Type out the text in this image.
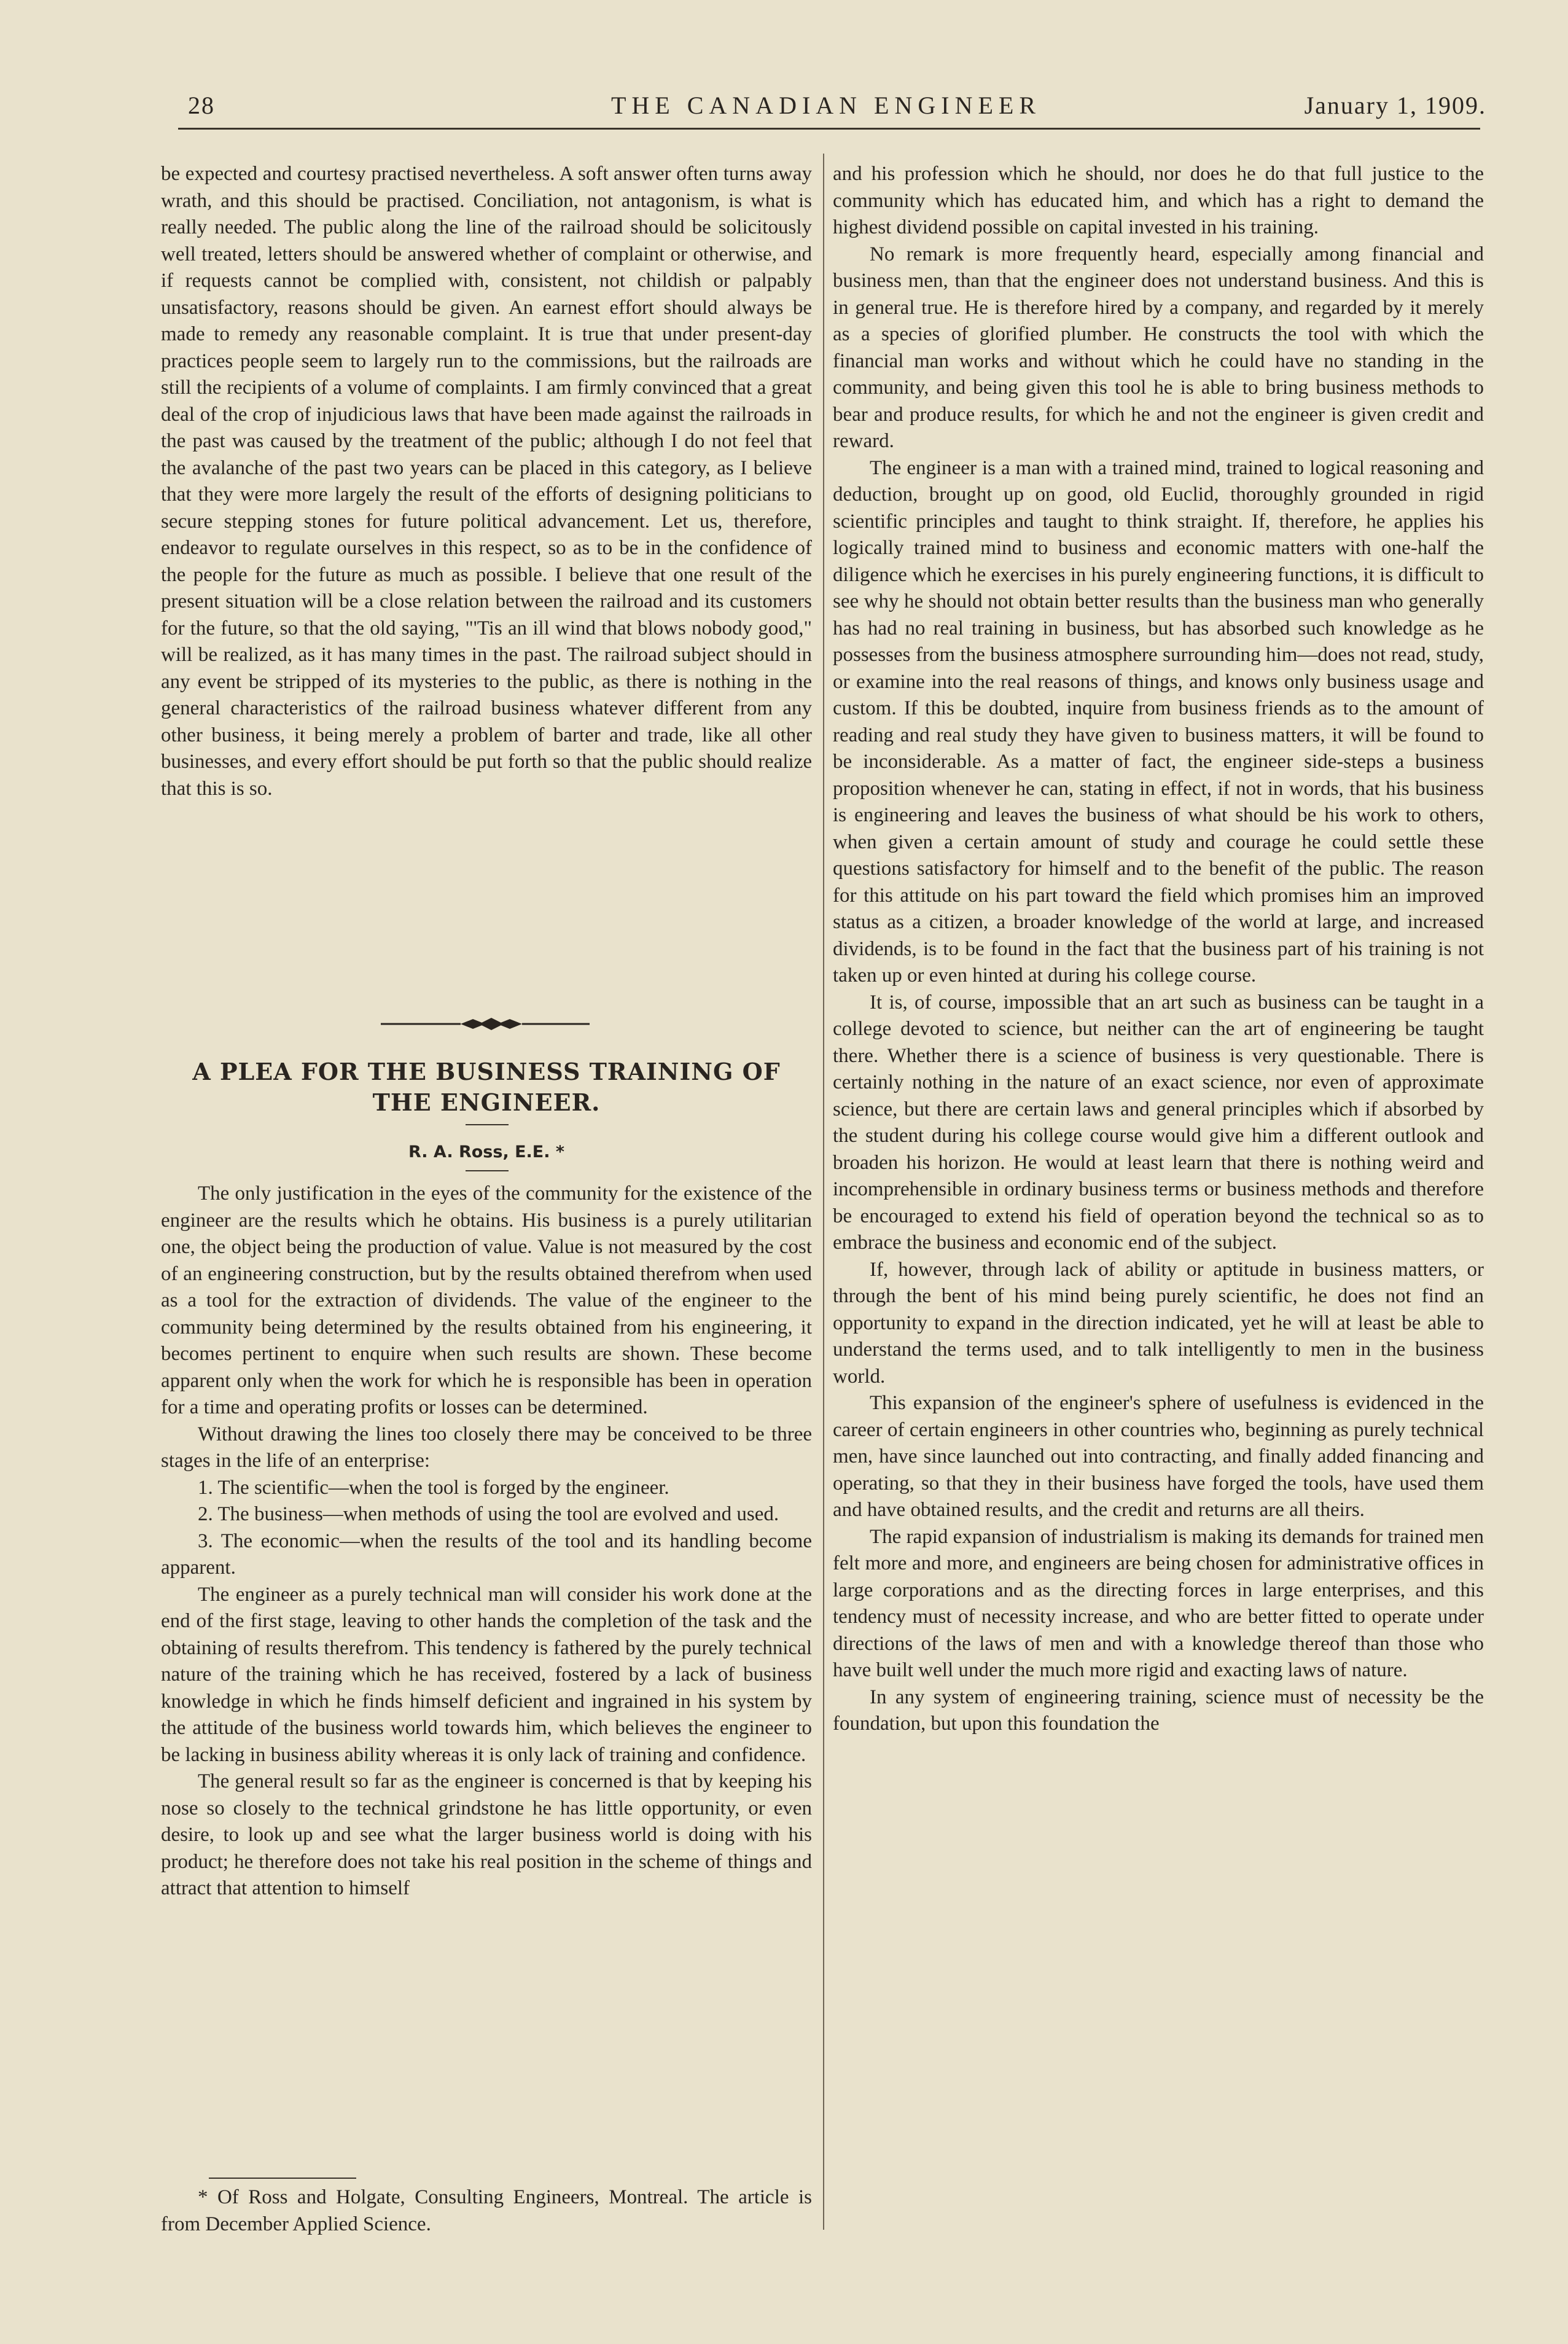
28	THE CANADIAN ENGINEER	January 1, 1909.

be expected and courtesy practised nevertheless. A soft answer often turns away wrath, and this should be practised. Conciliation, not antagonism, is what is really needed. The public along the line of the railroad should be solicitously well treated, letters should be answered whether of complaint or otherwise, and if requests cannot be complied with, consistent, not childish or palpably unsatisfactory, reasons should be given. An earnest effort should always be made to remedy any reasonable complaint. It is true that under present-day practices people seem to largely run to the commissions, but the railroads are still the recipients of a volume of complaints. I am firmly convinced that a great deal of the crop of injudicious laws that have been made against the railroads in the past was caused by the treatment of the public; although I do not feel that the avalanche of the past two years can be placed in this category, as I believe that they were more largely the result of the efforts of designing politicians to secure stepping stones for future political advancement. Let us, therefore, endeavor to regulate ourselves in this respect, so as to be in the confidence of the people for the future as much as possible. I believe that one result of the present situation will be a close relation between the railroad and its customers for the future, so that the old saying, "'Tis an ill wind that blows nobody good," will be realized, as it has many times in the past. The railroad subject should in any event be stripped of its mysteries to the public, as there is nothing in the general characteristics of the railroad business whatever different from any other business, it being merely a problem of barter and trade, like all other businesses, and every effort should be put forth so that the public should realize that this is so.

A PLEA FOR THE BUSINESS TRAINING OF THE ENGINEER.
R. A. Ross, E.E. *

The only justification in the eyes of the community for the existence of the engineer are the results which he obtains. His business is a purely utilitarian one, the object being the production of value. Value is not measured by the cost of an engineering construction, but by the results obtained therefrom when used as a tool for the extraction of dividends. The value of the engineer to the community being determined by the results obtained from his engineering, it becomes pertinent to enquire when such results are shown. These become apparent only when the work for which he is responsible has been in operation for a time and operating profits or losses can be determined.

Without drawing the lines too closely there may be conceived to be three stages in the life of an enterprise:

1. The scientific—when the tool is forged by the engineer.

2. The business—when methods of using the tool are evolved and used.

3. The economic—when the results of the tool and its handling become apparent.

The engineer as a purely technical man will consider his work done at the end of the first stage, leaving to other hands the completion of the task and the obtaining of results therefrom. This tendency is fathered by the purely technical nature of the training which he has received, fostered by a lack of business knowledge in which he finds himself deficient and ingrained in his system by the attitude of the business world towards him, which believes the engineer to be lacking in business ability whereas it is only lack of training and confidence.

The general result so far as the engineer is concerned is that by keeping his nose so closely to the technical grindstone he has little opportunity, or even desire, to look up and see what the larger business world is doing with his product; he therefore does not take his real position in the scheme of things and attract that attention to himself

* Of Ross and Holgate, Consulting Engineers, Montreal. The article is from December Applied Science.

and his profession which he should, nor does he do that full justice to the community which has educated him, and which has a right to demand the highest dividend possible on capital invested in his training.

No remark is more frequently heard, especially among financial and business men, than that the engineer does not understand business. And this is in general true. He is therefore hired by a company, and regarded by it merely as a species of glorified plumber. He constructs the tool with which the financial man works and without which he could have no standing in the community, and being given this tool he is able to bring business methods to bear and produce results, for which he and not the engineer is given credit and reward.

The engineer is a man with a trained mind, trained to logical reasoning and deduction, brought up on good, old Euclid, thoroughly grounded in rigid scientific principles and taught to think straight. If, therefore, he applies his logically trained mind to business and economic matters with one-half the diligence which he exercises in his purely engineering functions, it is difficult to see why he should not obtain better results than the business man who generally has had no real training in business, but has absorbed such knowledge as he possesses from the business atmosphere surrounding him—does not read, study, or examine into the real reasons of things, and knows only business usage and custom. If this be doubted, inquire from business friends as to the amount of reading and real study they have given to business matters, it will be found to be inconsiderable. As a matter of fact, the engineer side-steps a business proposition whenever he can, stating in effect, if not in words, that his business is engineering and leaves the business of what should be his work to others, when given a certain amount of study and courage he could settle these questions satisfactory for himself and to the benefit of the public. The reason for this attitude on his part toward the field which promises him an improved status as a citizen, a broader knowledge of the world at large, and increased dividends, is to be found in the fact that the business part of his training is not taken up or even hinted at during his college course.

It is, of course, impossible that an art such as business can be taught in a college devoted to science, but neither can the art of engineering be taught there. Whether there is a science of business is very questionable. There is certainly nothing in the nature of an exact science, nor even of approximate science, but there are certain laws and general principles which if absorbed by the student during his college course would give him a different outlook and broaden his horizon. He would at least learn that there is nothing weird and incomprehensible in ordinary business terms or business methods and therefore be encouraged to extend his field of operation beyond the technical so as to embrace the business and economic end of the subject.

If, however, through lack of ability or aptitude in business matters, or through the bent of his mind being purely scientific, he does not find an opportunity to expand in the direction indicated, yet he will at least be able to understand the terms used, and to talk intelligently to men in the business world.

This expansion of the engineer's sphere of usefulness is evidenced in the career of certain engineers in other countries who, beginning as purely technical men, have since launched out into contracting, and finally added financing and operating, so that they in their business have forged the tools, have used them and have obtained results, and the credit and returns are all theirs.

The rapid expansion of industrialism is making its demands for trained men felt more and more, and engineers are being chosen for administrative offices in large corporations and as the directing forces in large enterprises, and this tendency must of necessity increase, and who are better fitted to operate under directions of the laws of men and with a knowledge thereof than those who have built well under the much more rigid and exacting laws of nature.

In any system of engineering training, science must of necessity be the foundation, but upon this foundation the
